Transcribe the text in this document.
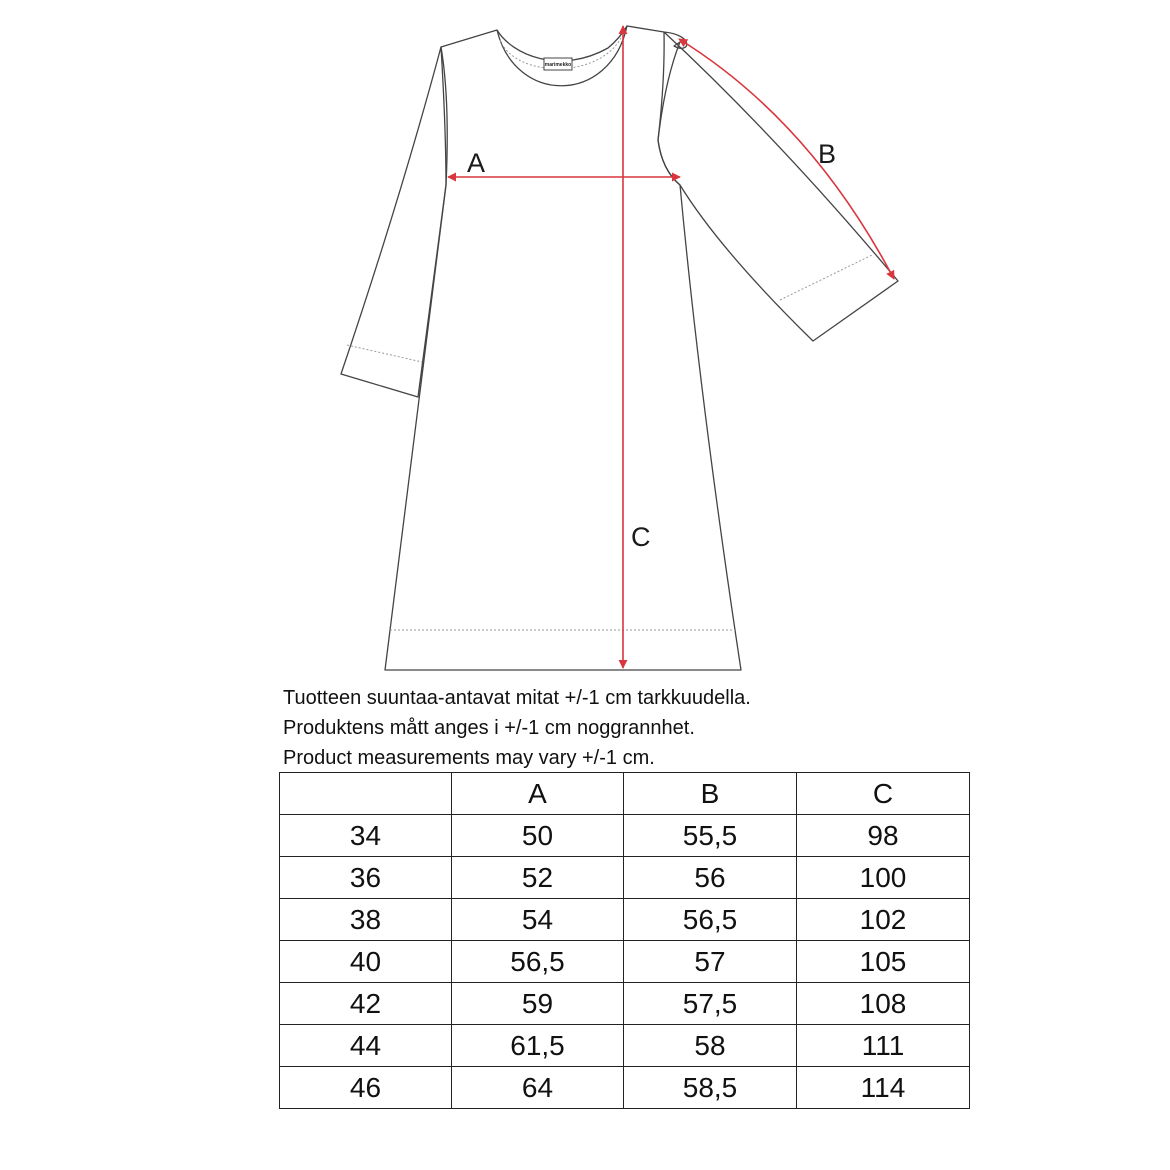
marimekko
A	B
C
Tuotteen suuntaa-antavat mitat +/-1 cm tarkkuudella.
Produktens mått anges i +/-1 cm noggrannhet.
Product measurements may vary +/-1 cm.
	A	B	C
34	50	55,5	98
36	52	56	100
38	54	56,5	102
40	56,5	57	105
42	59	57,5	108
44	61,5	58	111
46	64	58,5	114
